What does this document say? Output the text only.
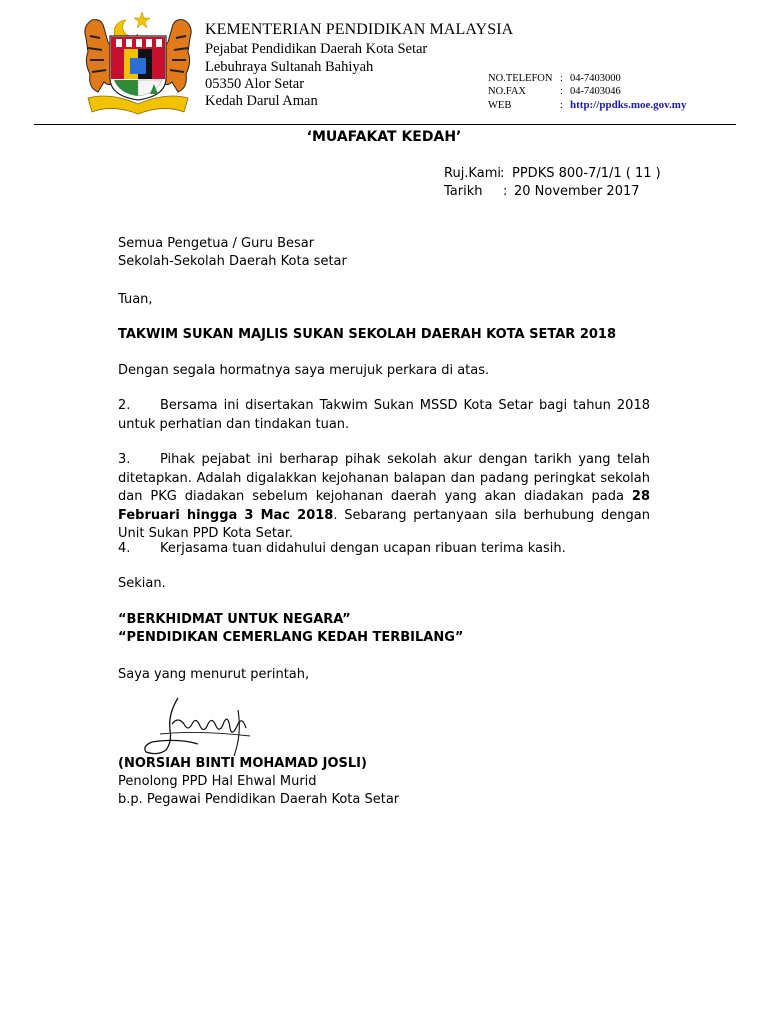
KEMENTERIAN PENDIDIKAN MALAYSIA
Pejabat Pendidikan Daerah Kota Setar
Lebuhraya Sultanah Bahiyah
05350 Alor Setar
Kedah Darul Aman
NO.TELEFON : 04-7403000
NO.FAX	: 04-7403046
WEB	: http://ppdks.moe.gov.my
‘MUAFAKAT KEDAH’
Ruj.Kami : PPDKS 800-7/1/1 ( 11 )
Tarikh : 20 November 2017
Semua Pengetua / Guru Besar
Sekolah-Sekolah Daerah Kota setar
Tuan,
TAKWIM SUKAN MAJLIS SUKAN SEKOLAH DAERAH KOTA SETAR 2018
Dengan segala hormatnya saya merujuk perkara di atas.
2. Bersama ini disertakan Takwim Sukan MSSD Kota Setar bagi tahun 2018 untuk perhatian dan tindakan tuan.
3. Pihak pejabat ini berharap pihak sekolah akur dengan tarikh yang telah ditetapkan. Adalah digalakkan kejohanan balapan dan padang peringkat sekolah dan PKG diadakan sebelum kejohanan daerah yang akan diadakan pada 28 Februari hingga 3 Mac 2018. Sebarang pertanyaan sila berhubung dengan Unit Sukan PPD Kota Setar.
4. Kerjasama tuan didahului dengan ucapan ribuan terima kasih.
Sekian.
“BERKHIDMAT UNTUK NEGARA”
“PENDIDIKAN CEMERLANG KEDAH TERBILANG”
Saya yang menurut perintah,
(NORSIAH BINTI MOHAMAD JOSLI)
Penolong PPD Hal Ehwal Murid
b.p. Pegawai Pendidikan Daerah Kota Setar
